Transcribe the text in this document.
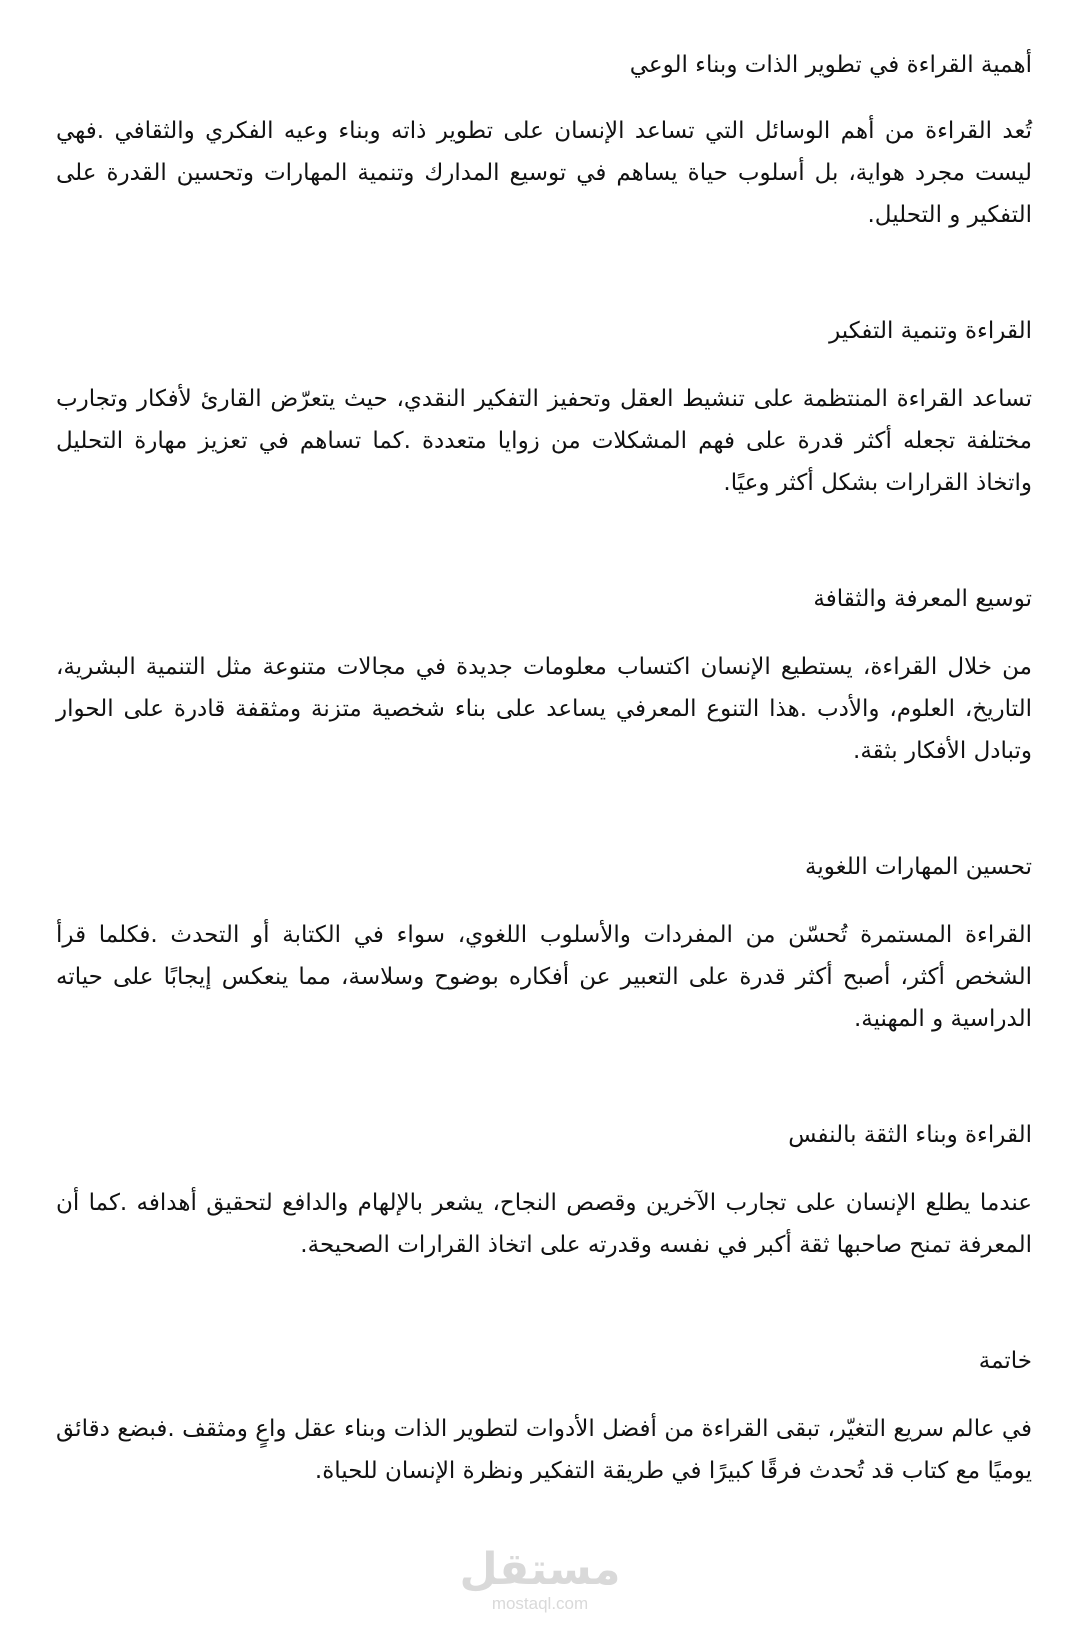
أهمية القراءة في تطوير الذات وبناء الوعي

تُعد القراءة من أهم الوسائل التي تساعد الإنسان على تطوير ذاته وبناء وعيه الفكري والثقافي .فهي ليست مجرد هواية، بل أسلوب حياة يساهم في توسيع المدارك وتنمية المهارات وتحسين القدرة على التفكير و التحليل.

القراءة وتنمية التفكير

تساعد القراءة المنتظمة على تنشيط العقل وتحفيز التفكير النقدي، حيث يتعرّض القارئ لأفكار وتجارب مختلفة تجعله أكثر قدرة على فهم المشكلات من زوايا متعددة .كما تساهم في تعزيز مهارة التحليل واتخاذ القرارات بشكل أكثر وعيًا.

توسيع المعرفة والثقافة

من خلال القراءة، يستطيع الإنسان اكتساب معلومات جديدة في مجالات متنوعة مثل التنمية البشرية، التاريخ، العلوم، والأدب .هذا التنوع المعرفي يساعد على بناء شخصية متزنة ومثقفة قادرة على الحوار وتبادل الأفكار بثقة.

تحسين المهارات اللغوية

القراءة المستمرة تُحسّن من المفردات والأسلوب اللغوي، سواء في الكتابة أو التحدث .فكلما قرأ الشخص أكثر، أصبح أكثر قدرة على التعبير عن أفكاره بوضوح وسلاسة، مما ينعكس إيجابًا على حياته الدراسية و المهنية.

القراءة وبناء الثقة بالنفس

عندما يطلع الإنسان على تجارب الآخرين وقصص النجاح، يشعر بالإلهام والدافع لتحقيق أهدافه .كما أن المعرفة تمنح صاحبها ثقة أكبر في نفسه وقدرته على اتخاذ القرارات الصحيحة.

خاتمة

في عالم سريع التغيّر، تبقى القراءة من أفضل الأدوات لتطوير الذات وبناء عقل واعٍ ومثقف .فبضع دقائق يوميًا مع كتاب قد تُحدث فرقًا كبيرًا في طريقة التفكير ونظرة الإنسان للحياة.

مستقل
mostaql.com
